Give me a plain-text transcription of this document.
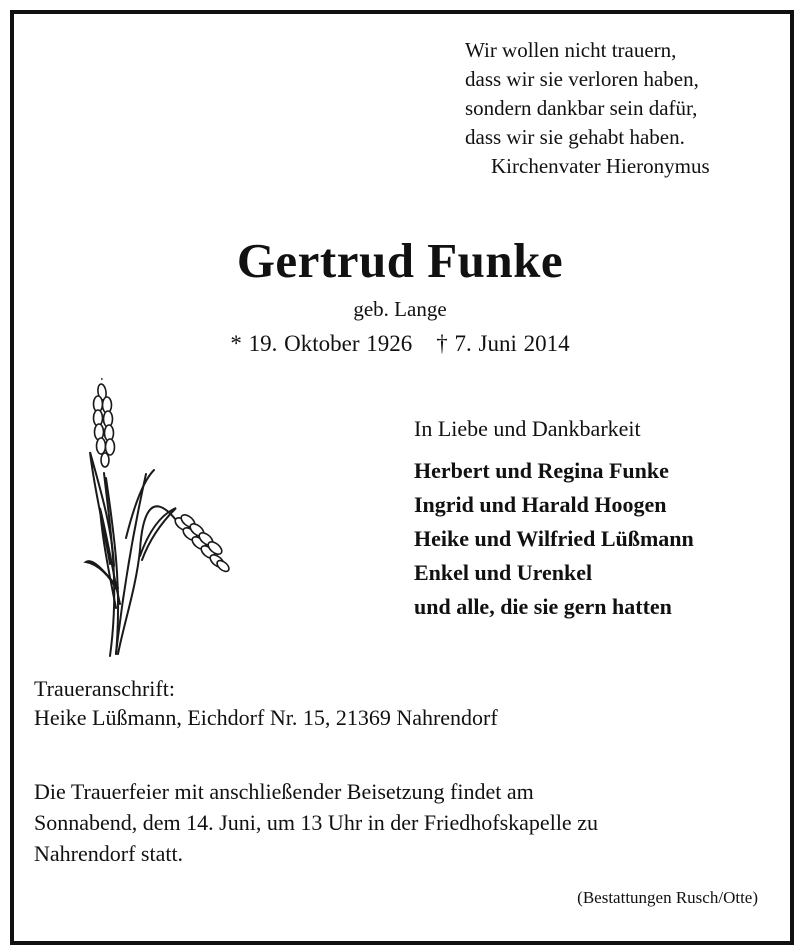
Wir wollen nicht trauern,
dass wir sie verloren haben,
sondern dankbar sein dafür,
dass wir sie gehabt haben.
Kirchenvater Hieronymus
Gertrud Funke
geb. Lange
* 19. Oktober 1926 † 7. Juni 2014
In Liebe und Dankbarkeit
Herbert und Regina Funke
Ingrid und Harald Hoogen
Heike und Wilfried Lüßmann
Enkel und Urenkel
und alle, die sie gern hatten
Traueranschrift:
Heike Lüßmann, Eichdorf Nr. 15, 21369 Nahrendorf
Die Trauerfeier mit anschließender Beisetzung findet am
Sonnabend, dem 14. Juni, um 13 Uhr in der Friedhofskapelle zu
Nahrendorf statt.
(Bestattungen Rusch/Otte)
